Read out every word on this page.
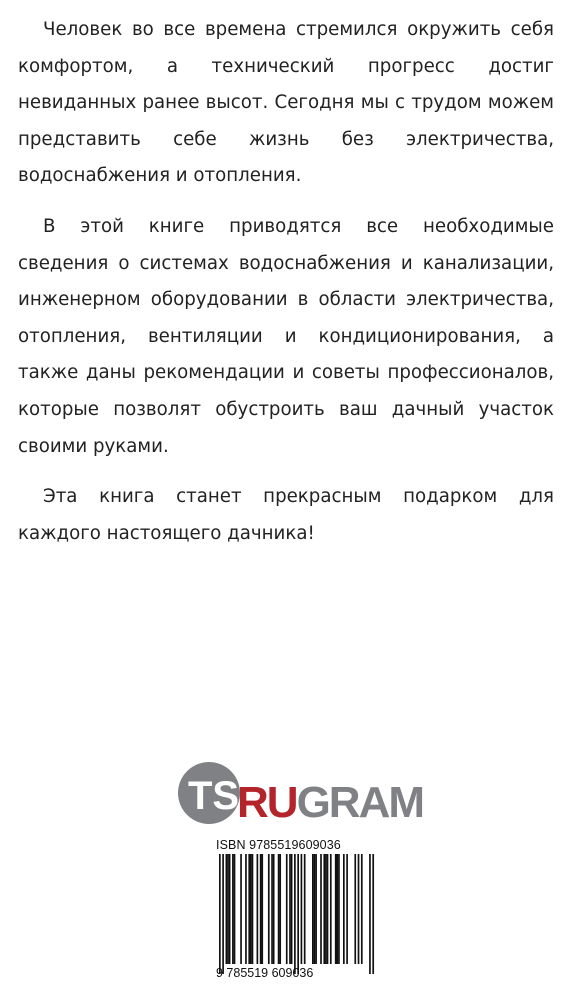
Человек во все времена стремился окружить себя комфортом, а технический прогресс достиг невиданных ранее высот. Сегодня мы с трудом можем представить себе жизнь без электричества, водоснабжения и отопления.

В этой книге приводятся все необходимые сведения о системах водоснабжения и канализации, инженерном оборудовании в области электричества, отопления, вентиляции и кондиционирования, а также даны рекомендации и советы профессионалов, которые позволят обустроить ваш дачный участок своими руками.

Эта книга станет прекрасным подарком для каждого настоящего дачника!

TS
RUGRAM
ISBN 9785519609036
9 785519 609036
